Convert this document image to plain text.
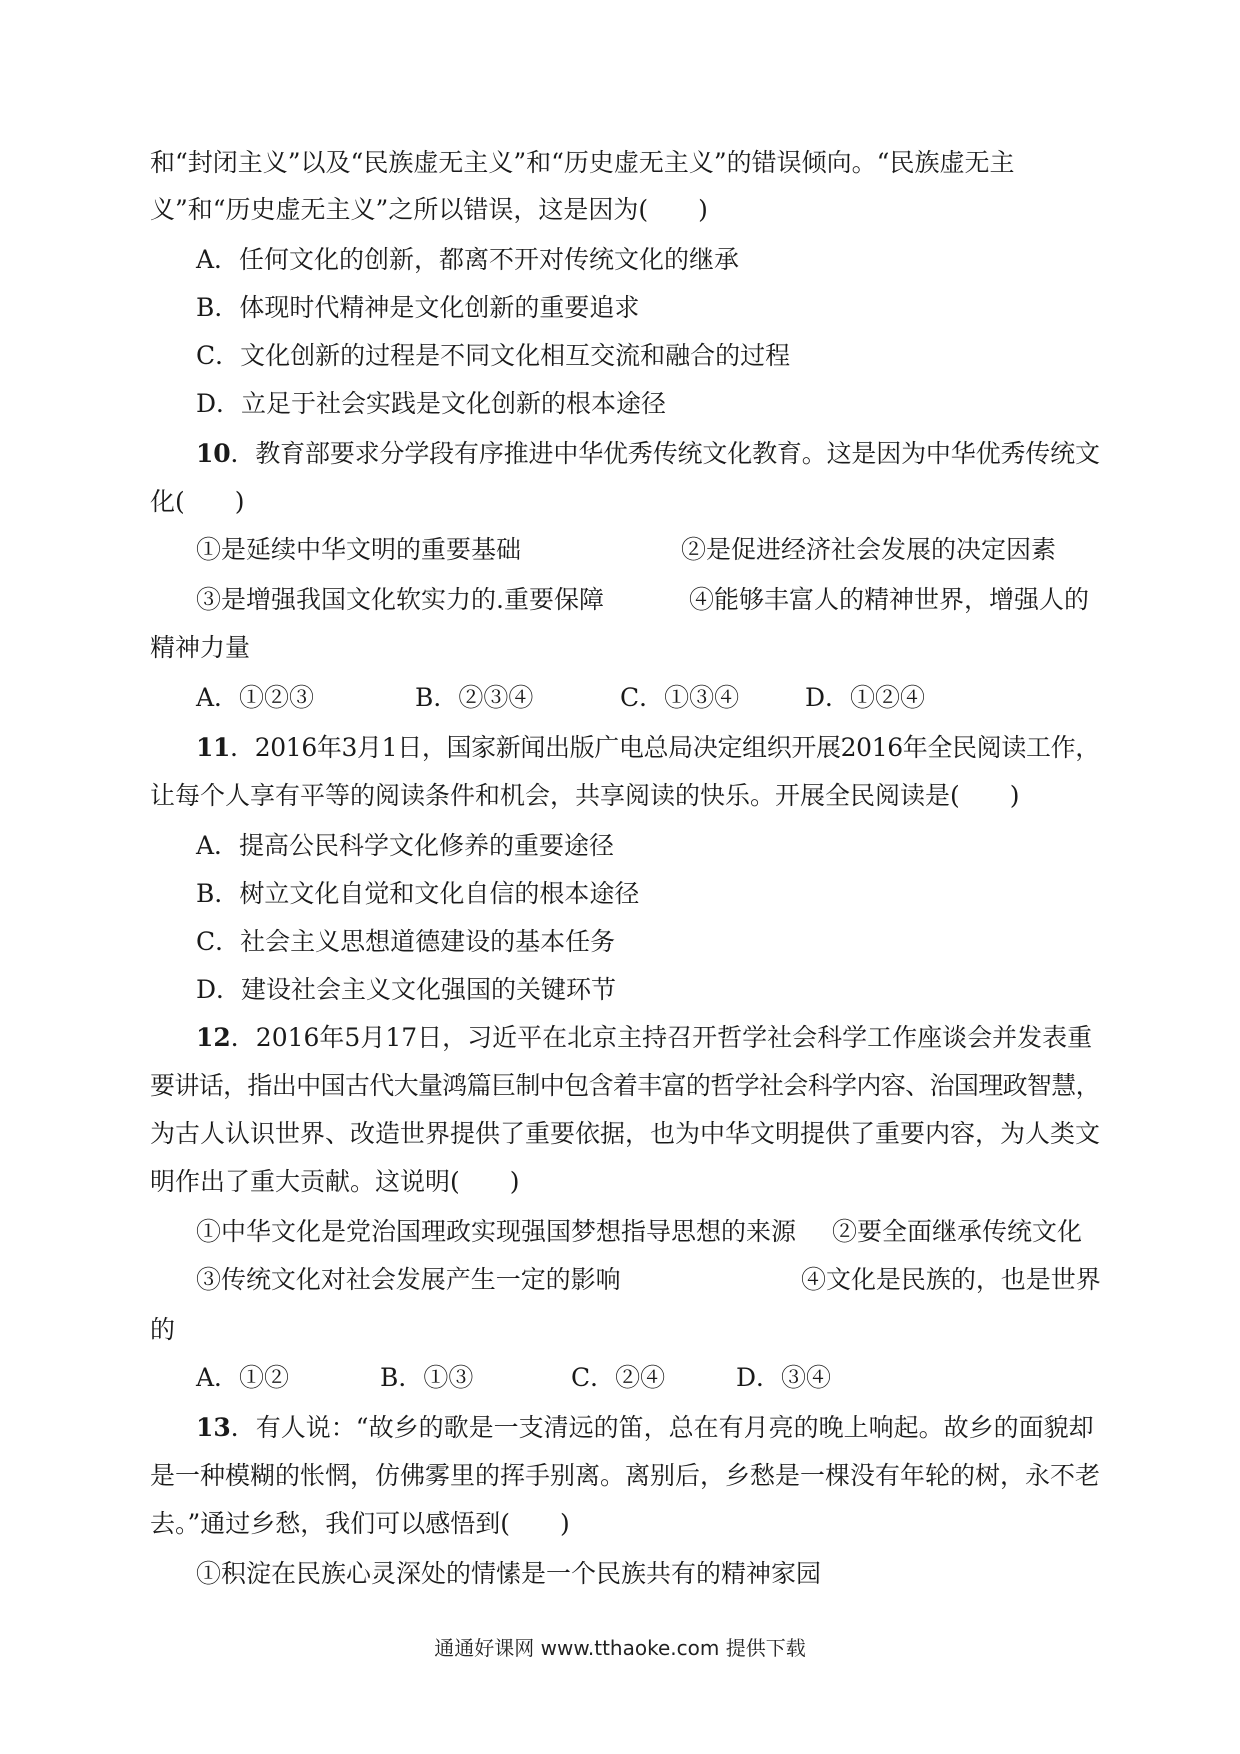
和“封闭主义”以及“民族虚无主义”和“历史虚无主义”的错误倾向。“民族虚无主
义”和“历史虚无主义”之所以错误，这是因为(　　)
A．任何文化的创新，都离不开对传统文化的继承
B．体现时代精神是文化创新的重要追求
C．文化创新的过程是不同文化相互交流和融合的过程
D．立足于社会实践是文化创新的根本途径
10．教育部要求分学段有序推进中华优秀传统文化教育。这是因为中华优秀传统文
化(　　)
①是延续中华文明的重要基础	②是促进经济社会发展的决定因素
③是增强我国文化软实力的.重要保障	④能够丰富人的精神世界，增强人的
精神力量
A．①②③	B．②③④	C．①③④	D．①②④
11．2016年3月1日，国家新闻出版广电总局决定组织开展2016年全民阅读工作，
让每个人享有平等的阅读条件和机会，共享阅读的快乐。开展全民阅读是(　　)
A．提高公民科学文化修养的重要途径
B．树立文化自觉和文化自信的根本途径
C．社会主义思想道德建设的基本任务
D．建设社会主义文化强国的关键环节
12．2016年5月17日，习近平在北京主持召开哲学社会科学工作座谈会并发表重
要讲话，指出中国古代大量鸿篇巨制中包含着丰富的哲学社会科学内容、治国理政智慧，
为古人认识世界、改造世界提供了重要依据，也为中华文明提供了重要内容，为人类文
明作出了重大贡献。这说明(　　)
①中华文化是党治国理政实现强国梦想指导思想的来源 ②要全面继承传统文化
③传统文化对社会发展产生一定的影响	④文化是民族的，也是世界
的
A．①②	B．①③	C．②④	D．③④
13．有人说：“故乡的歌是一支清远的笛，总在有月亮的晚上响起。故乡的面貌却
是一种模糊的怅惘，仿佛雾里的挥手别离。离别后，乡愁是一棵没有年轮的树，永不老
去。”通过乡愁，我们可以感悟到(　　)
①积淀在民族心灵深处的情愫是一个民族共有的精神家园
通通好课网 www.tthaoke.com 提供下载
